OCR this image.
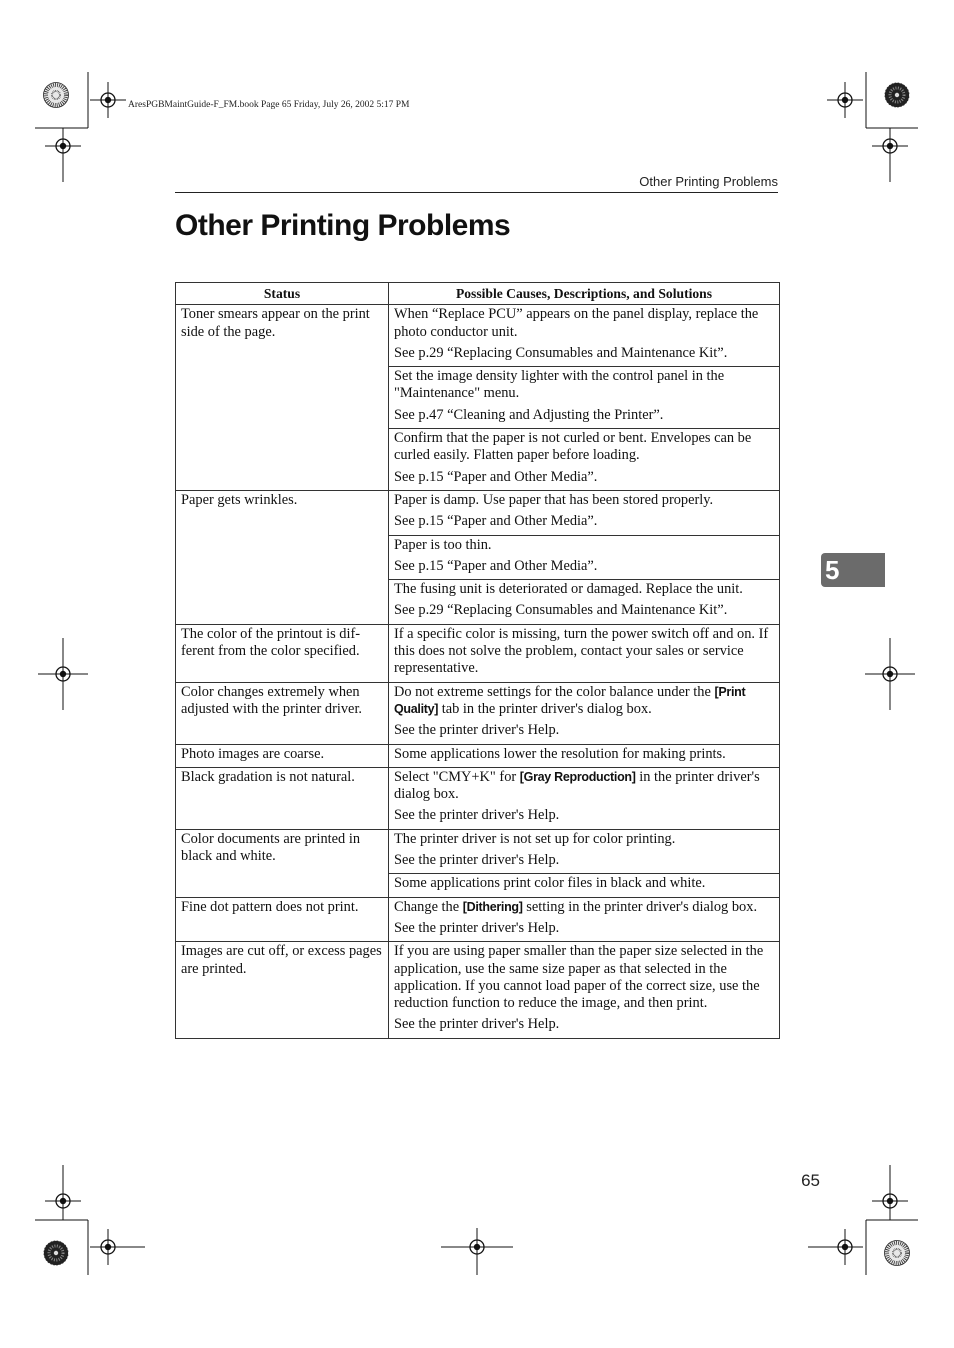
AresPGBMaintGuide-F_FM.book Page 65 Friday, July 26, 2002 5:17 PM
Other Printing Problems
Other Printing Problems
5
Status	Possible Causes, Descriptions, and Solutions
Toner smears appear on the print side of the page.	When “Replace PCU” appears on the panel display, replace the photo conductor unit.

See p.29 “Replacing Consumables and Maintenance Kit”.

	Set the image density lighter with the control panel in the "Maintenance" menu.

See p.47 “Cleaning and Adjusting the Printer”.

	Confirm that the paper is not curled or bent. Envelopes can be curled easily. Flatten paper before loading.

See p.15 “Paper and Other Media”.

Paper gets wrinkles.	Paper is damp. Use paper that has been stored properly.

See p.15 “Paper and Other Media”.

	Paper is too thin.

See p.15 “Paper and Other Media”.

	The fusing unit is deteriorated or damaged. Replace the unit.

See p.29 “Replacing Consumables and Maintenance Kit”.

The color of the printout is dif-ferent from the color specified.	If a specific color is missing, turn the power switch off and on. If this does not solve the problem, contact your sales or service representative.

Color changes extremely when adjusted with the printer driver.	Do not extreme settings for the color balance under the [Print Quality] tab in the printer driver's dialog box.

See the printer driver's Help.

Photo images are coarse.	Some applications lower the resolution for making prints.

Black gradation is not natural.	Select "CMY+K" for [Gray Reproduction] in the printer driver's dialog box.

See the printer driver's Help.

Color documents are printed in black and white.	The printer driver is not set up for color printing.

See the printer driver's Help.

	Some applications print color files in black and white.

Fine dot pattern does not print.	Change the [Dithering] setting in the printer driver's dialog box.

See the printer driver's Help.

Images are cut off, or excess pages are printed.	If you are using paper smaller than the paper size selected in the application, use the same size paper as that selected in the application. If you cannot load paper of the correct size, use the reduction function to reduce the image, and then print.

See the printer driver's Help.

65
